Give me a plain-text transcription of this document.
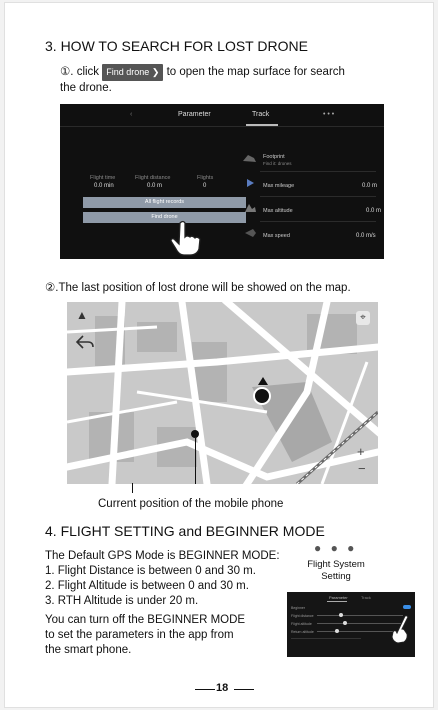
3. HOW TO SEARCH FOR LOST DRONE
①. click Find drone ❯ to open the map surface for search
the drone.
‹	Parameter	Track	• • •
Flight time	Flight distance	Flights
0.0 min	0.0 m	0
All flight records
Find drone
Footprint
Find it: drones
Max mileage	0.0 m
Max altitude	0.0 m
Max speed	0.0 m/s
②.The last position of lost drone will be showed on the map.
▲	⌖
+
−
Current position of the mobile phone
4. FLIGHT SETTING and BEGINNER MODE
The Default GPS Mode is BEGINNER MODE:
1. Flight Distance is between 0 and 30 m.
2. Flight Altitude is between 0 and 30 m.
3. RTH Altitude is under 20 m.
You can turn off the BEGINNER MODE
to set the parameters in the app from
the smart phone.
● ● ●
Flight System
Setting
Parameter	Track
Beginner
Flight distance
Flight altitude
Return altitude
18
